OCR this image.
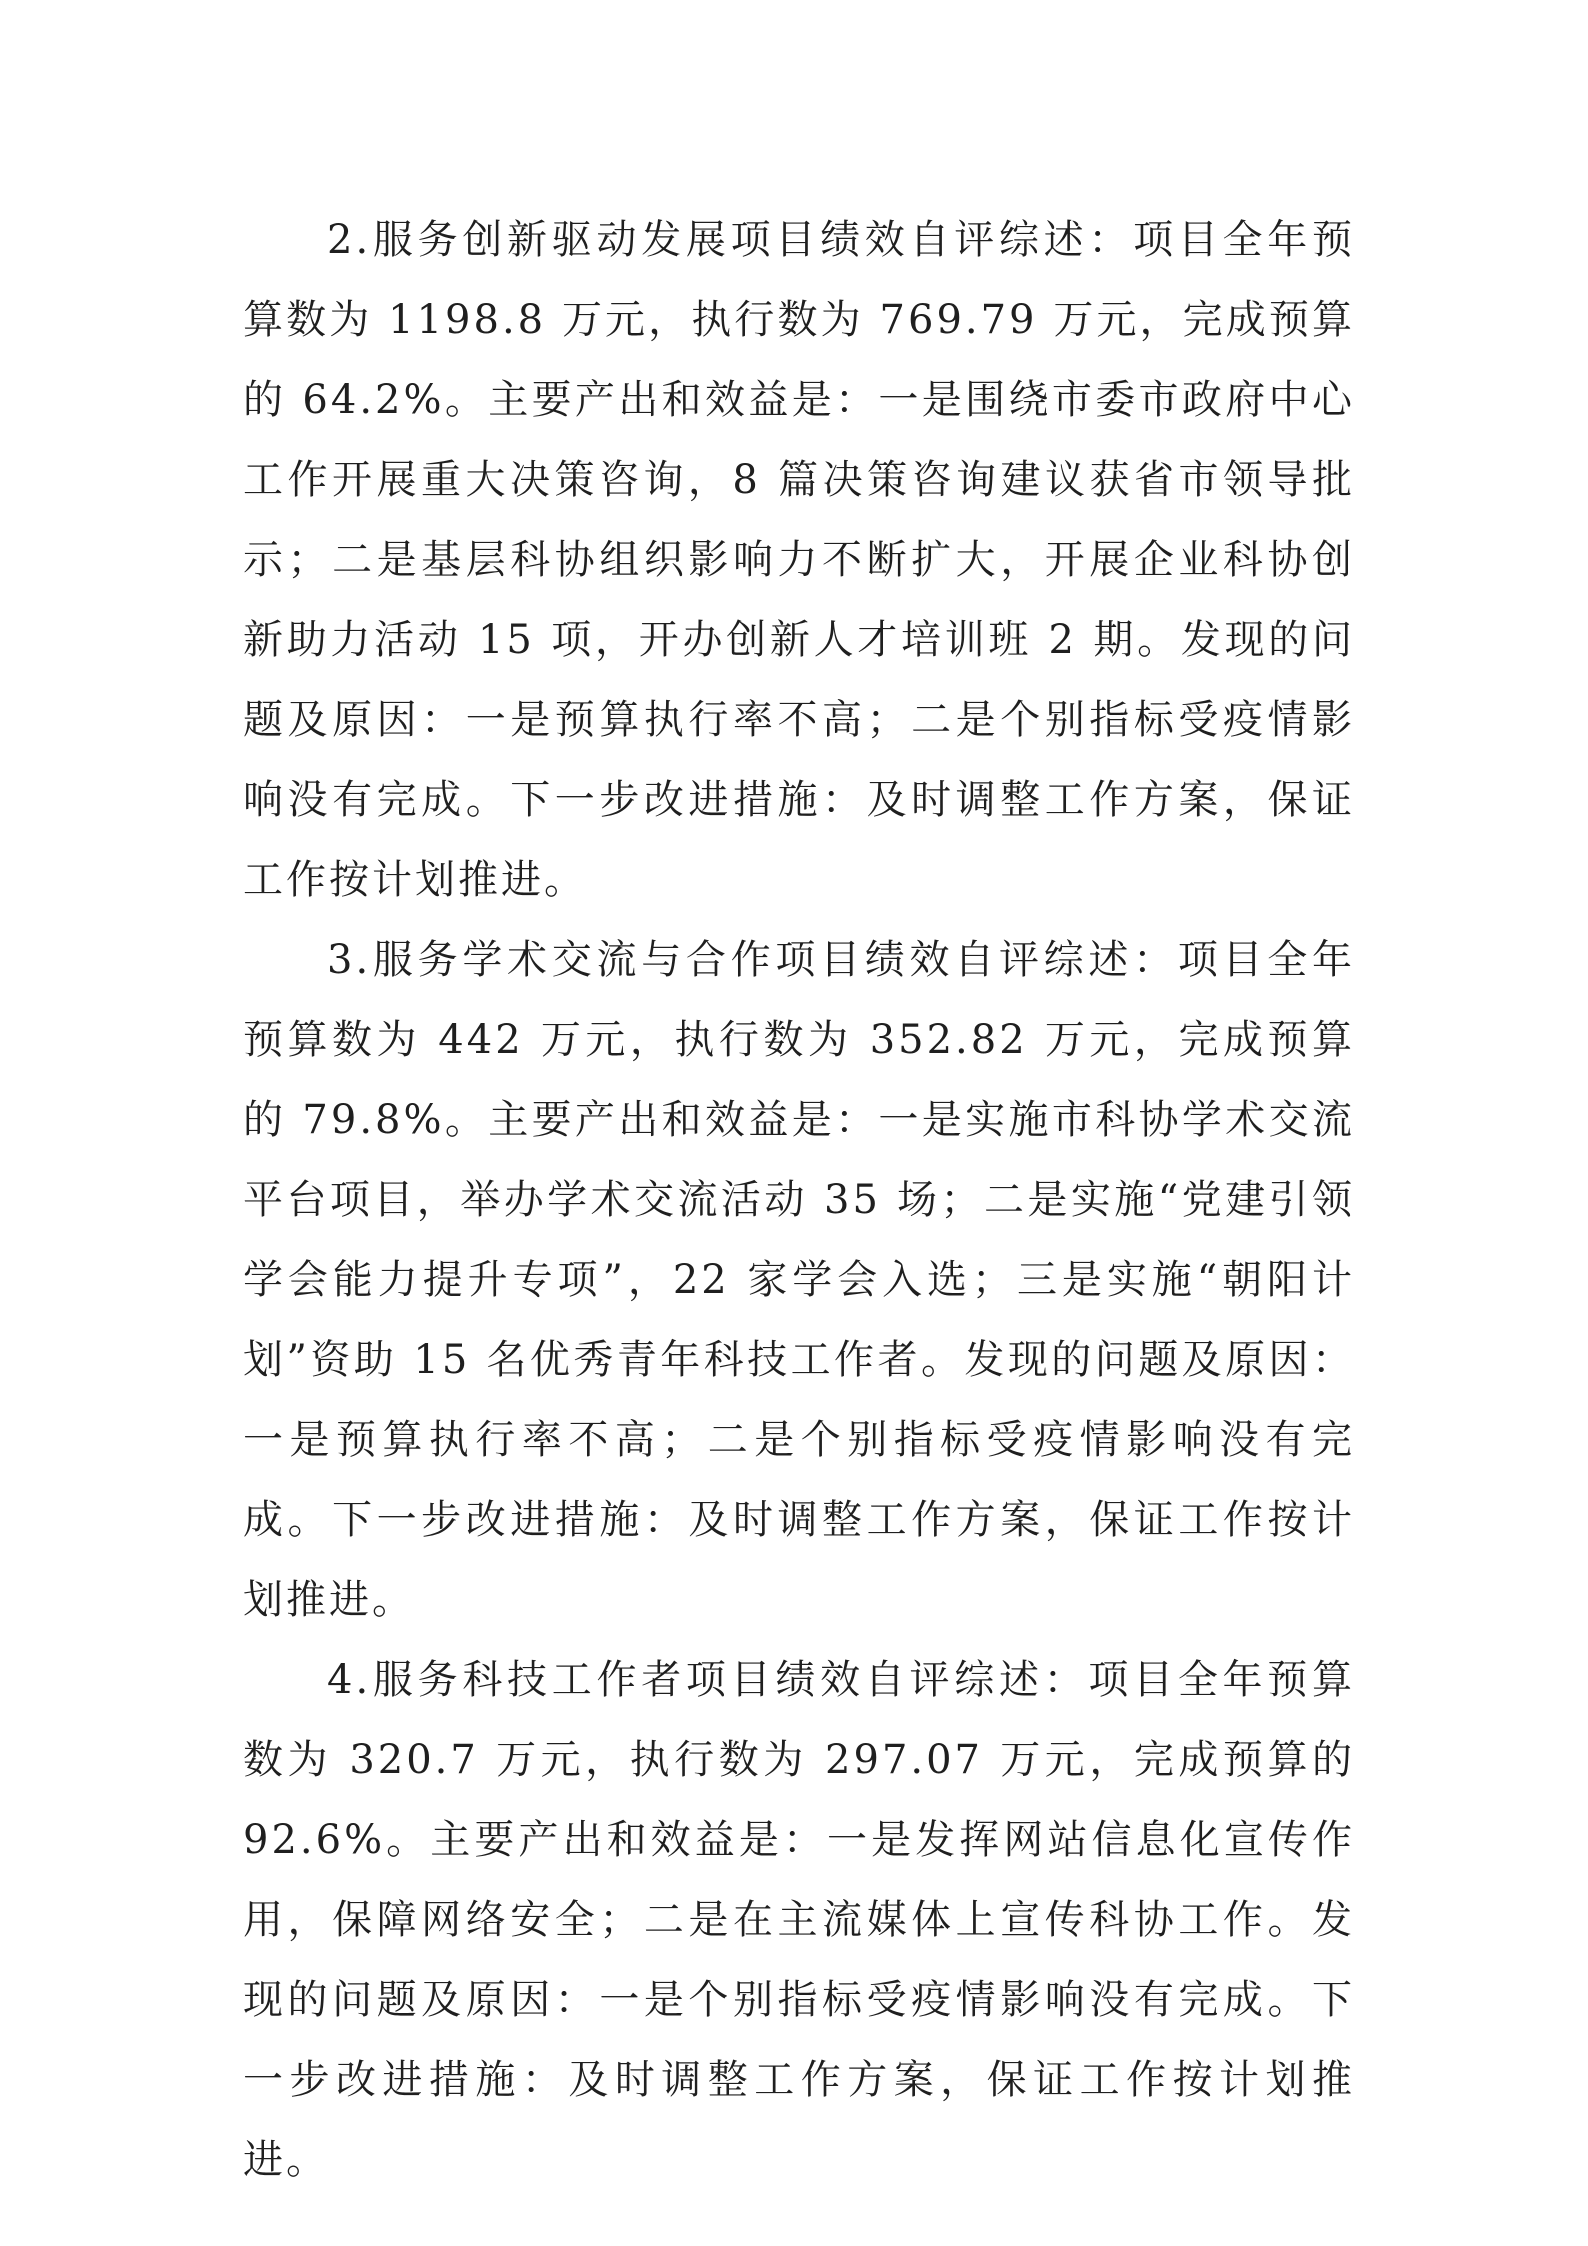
2.服务创新驱动发展项目绩效自评综述：项目全年预算数为 1198.8 万元，执行数为 769.79 万元，完成预算的 64.2%。主要产出和效益是：一是围绕市委市政府中心工作开展重大决策咨询，8 篇决策咨询建议获省市领导批示；二是基层科协组织影响力不断扩大，开展企业科协创新助力活动 15 项，开办创新人才培训班 2 期。发现的问题及原因：一是预算执行率不高；二是个别指标受疫情影响没有完成。下一步改进措施：及时调整工作方案，保证工作按计划推进。

3.服务学术交流与合作项目绩效自评综述：项目全年预算数为 442 万元，执行数为 352.82 万元，完成预算的 79.8%。主要产出和效益是：一是实施市科协学术交流平台项目，举办学术交流活动 35 场；二是实施“党建引领学会能力提升专项”，22 家学会入选；三是实施“朝阳计划”资助 15 名优秀青年科技工作者。发现的问题及原因：一是预算执行率不高；二是个别指标受疫情影响没有完成。下一步改进措施：及时调整工作方案，保证工作按计划推进。

4.服务科技工作者项目绩效自评综述：项目全年预算数为 320.7 万元，执行数为 297.07 万元，完成预算的 92.6%。主要产出和效益是：一是发挥网站信息化宣传作用，保障网络安全；二是在主流媒体上宣传科协工作。发现的问题及原因：一是个别指标受疫情影响没有完成。下一步改进措施：及时调整工作方案，保证工作按计划推进。
